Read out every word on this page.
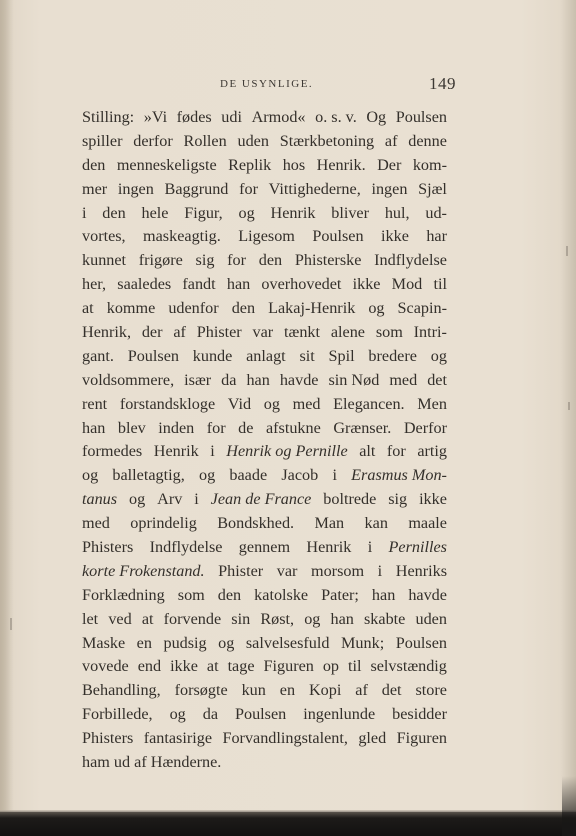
DE USYNLIGE.	149
Stilling: »Vi fødes udi Armod« o. s. v. Og Poulsen
spiller derfor Rollen uden Stærkbetoning af denne
den menneskeligste Replik hos Henrik. Der kom-
mer ingen Baggrund for Vittighederne, ingen Sjæl
i den hele Figur, og Henrik bliver hul, ud-
vortes, maskeagtig. Ligesom Poulsen ikke har
kunnet frigøre sig for den Phisterske Indflydelse
her, saaledes fandt han overhovedet ikke Mod til
at komme udenfor den Lakaj-Henrik og Scapin-
Henrik, der af Phister var tænkt alene som Intri-
gant. Poulsen kunde anlagt sit Spil bredere og
voldsommere, især da han havde sin Nød med det
rent forstandskloge Vid og med Elegancen. Men
han blev inden for de afstukne Grænser. Derfor
formedes Henrik i Henrik og Pernille alt for artig
og balletagtig, og baade Jacob i Erasmus Mon-
tanus og Arv i Jean de France boltrede sig ikke
med oprindelig Bondskhed. Man kan maale
Phisters Indflydelse gennem Henrik i Pernilles
korte Frokenstand. Phister var morsom i Henriks
Forklædning som den katolske Pater; han havde
let ved at forvende sin Røst, og han skabte uden
Maske en pudsig og salvelsesfuld Munk; Poulsen
vovede end ikke at tage Figuren op til selvstændig
Behandling, forsøgte kun en Kopi af det store
Forbillede, og da Poulsen ingenlunde besidder
Phisters fantasirige Forvandlingstalent, gled Figuren
ham ud af Hænderne.
